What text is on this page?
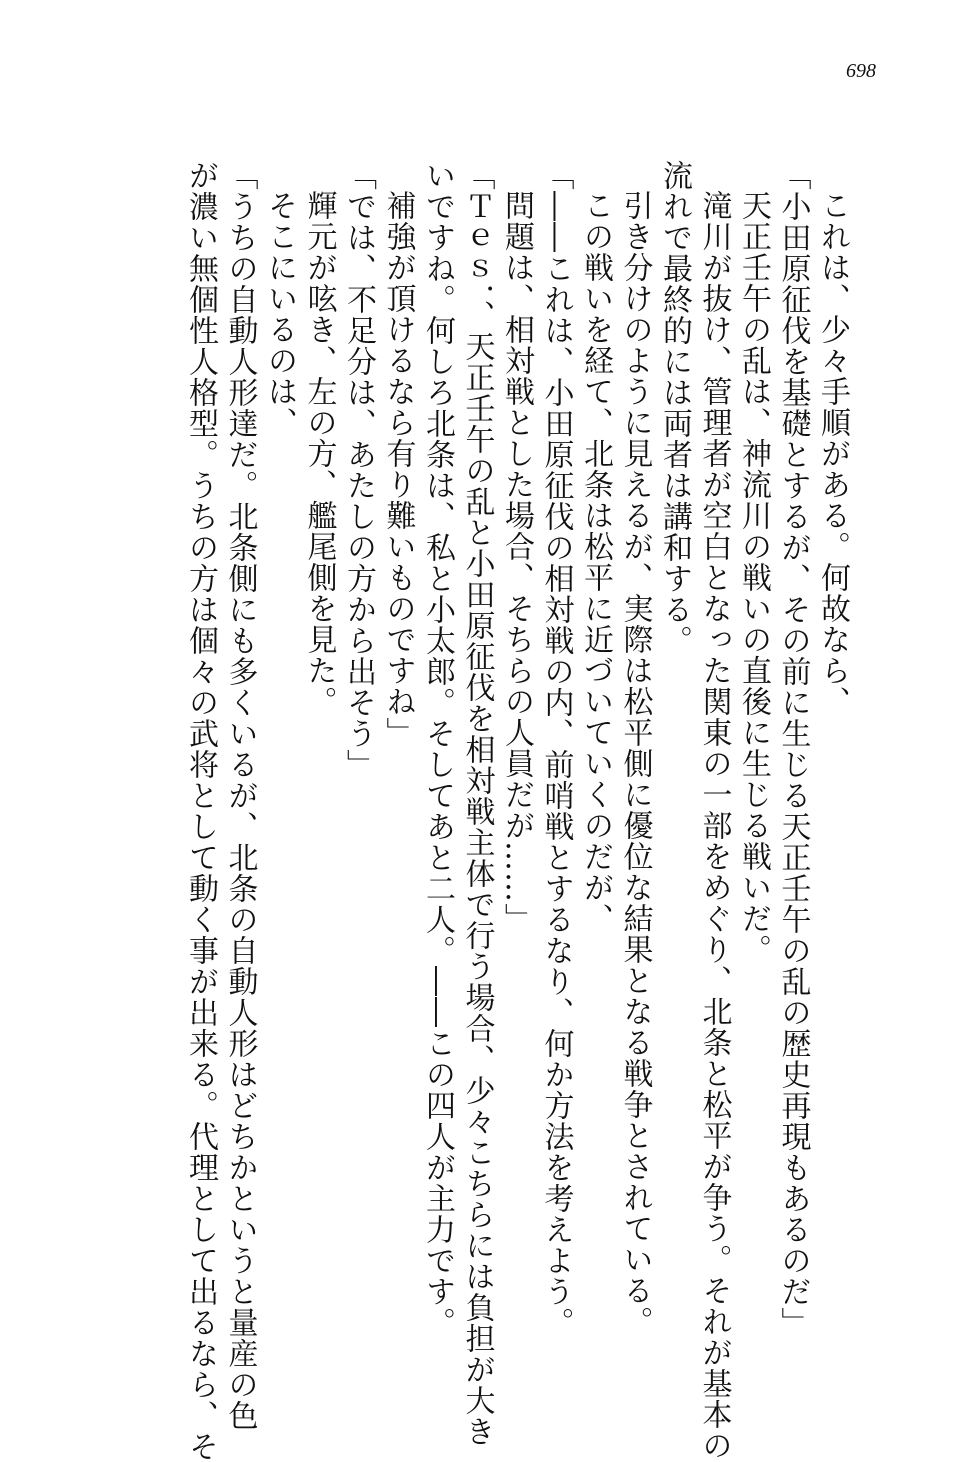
698
これは、少々手順がある。何故なら、
「小田原征伐を基礎とするが、その前に生じる天正壬午の乱の歴史再現もあるのだ」
天正壬午の乱は、神流川の戦いの直後に生じる戦いだ。
滝川が抜け、管理者が空白となった関東の一部をめぐり、北条と松平が争う。それが基本の
流れで最終的には両者は講和する。
引き分けのように見えるが、実際は松平側に優位な結果となる戦争とされている。
この戦いを経て、北条は松平に近づいていくのだが、
「――これは、小田原征伐の相対戦の内、前哨戦とするなり、何か方法を考えよう。
問題は、相対戦とした場合、そちらの人員だが……」
「Ｔｅｓ．、天正壬午の乱と小田原征伐を相対戦主体で行う場合、少々こちらには負担が大き
いですね。何しろ北条は、私と小太郎。そしてあと二人。――この四人が主力です。
補強が頂けるなら有り難いものですね」
「では、不足分は、あたしの方から出そう」
輝元が呟き、左の方、艦尾側を見た。
そこにいるのは、
「うちの自動人形達だ。北条側にも多くいるが、北条の自動人形はどちかというと量産の色
が濃い無個性人格型。うちの方は個々の武将として動く事が出来る。代理として出るなら、そ
